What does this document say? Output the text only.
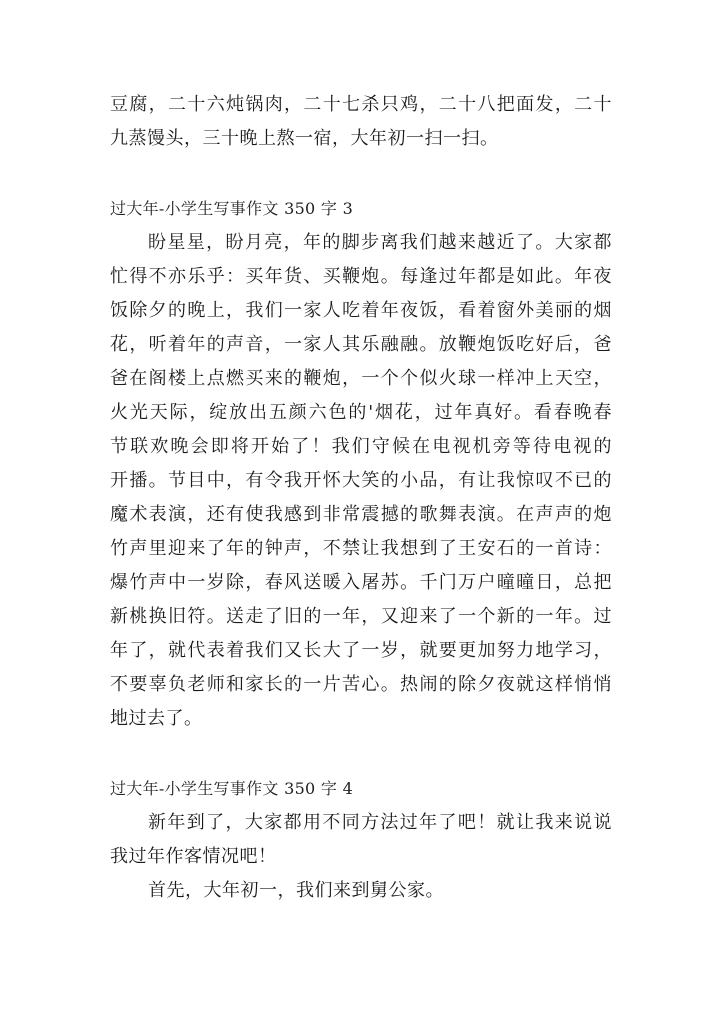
豆腐，二十六炖锅肉，二十七杀只鸡，二十八把面发，二十
九蒸馒头，三十晚上熬一宿，大年初一扫一扫。
过大年-小学生写事作文 350 字 3
盼星星，盼月亮，年的脚步离我们越来越近了。大家都
忙得不亦乐乎：买年货、买鞭炮。每逢过年都是如此。年夜
饭除夕的晚上，我们一家人吃着年夜饭，看着窗外美丽的烟
花，听着年的声音，一家人其乐融融。放鞭炮饭吃好后，爸
爸在阁楼上点燃买来的鞭炮，一个个似火球一样冲上天空，
火光天际，绽放出五颜六色的'烟花，过年真好。看春晚春
节联欢晚会即将开始了！我们守候在电视机旁等待电视的
开播。节目中，有令我开怀大笑的小品，有让我惊叹不已的
魔术表演，还有使我感到非常震撼的歌舞表演。在声声的炮
竹声里迎来了年的钟声，不禁让我想到了王安石的一首诗：
爆竹声中一岁除，春风送暖入屠苏。千门万户曈曈日，总把
新桃换旧符。送走了旧的一年，又迎来了一个新的一年。过
年了，就代表着我们又长大了一岁，就要更加努力地学习，
不要辜负老师和家长的一片苦心。热闹的除夕夜就这样悄悄
地过去了。
过大年-小学生写事作文 350 字 4
新年到了，大家都用不同方法过年了吧！就让我来说说
我过年作客情况吧！
首先，大年初一，我们来到舅公家。
